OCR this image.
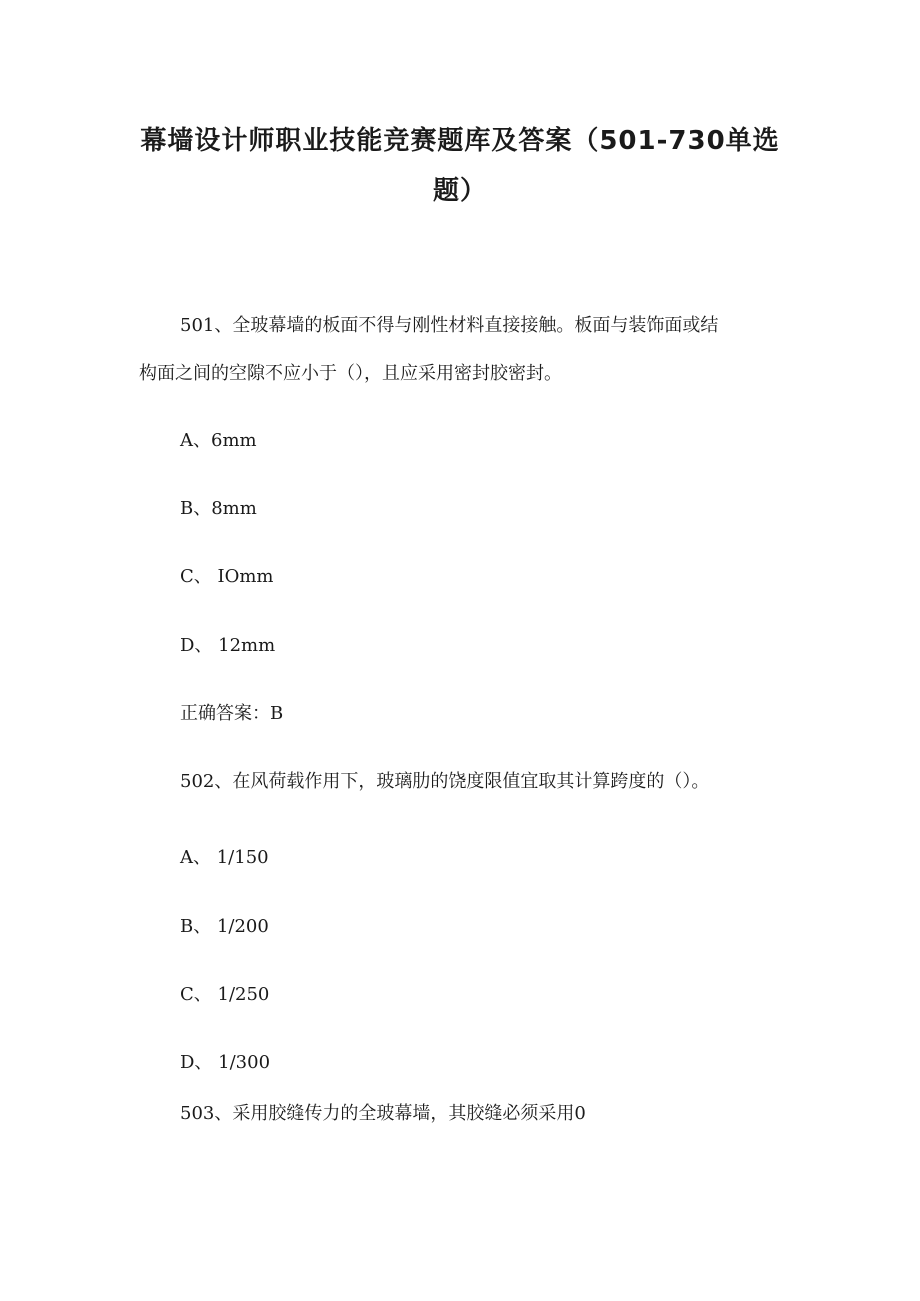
幕墙设计师职业技能竞赛题库及答案（501-730单选
题）

501、全玻幕墙的板面不得与刚性材料直接接触。板面与装饰面或结

构面之间的空隙不应小于（），且应采用密封胶密封。

A、6mm

B、8mm

C、 IOmm

D、 12mm

正确答案：B

502、在风荷载作用下，玻璃肋的饶度限值宜取其计算跨度的（）。

A、 1/150

B、 1/200

C、 1/250

D、 1/300

503、采用胶缝传力的全玻幕墙，其胶缝必须采用0
